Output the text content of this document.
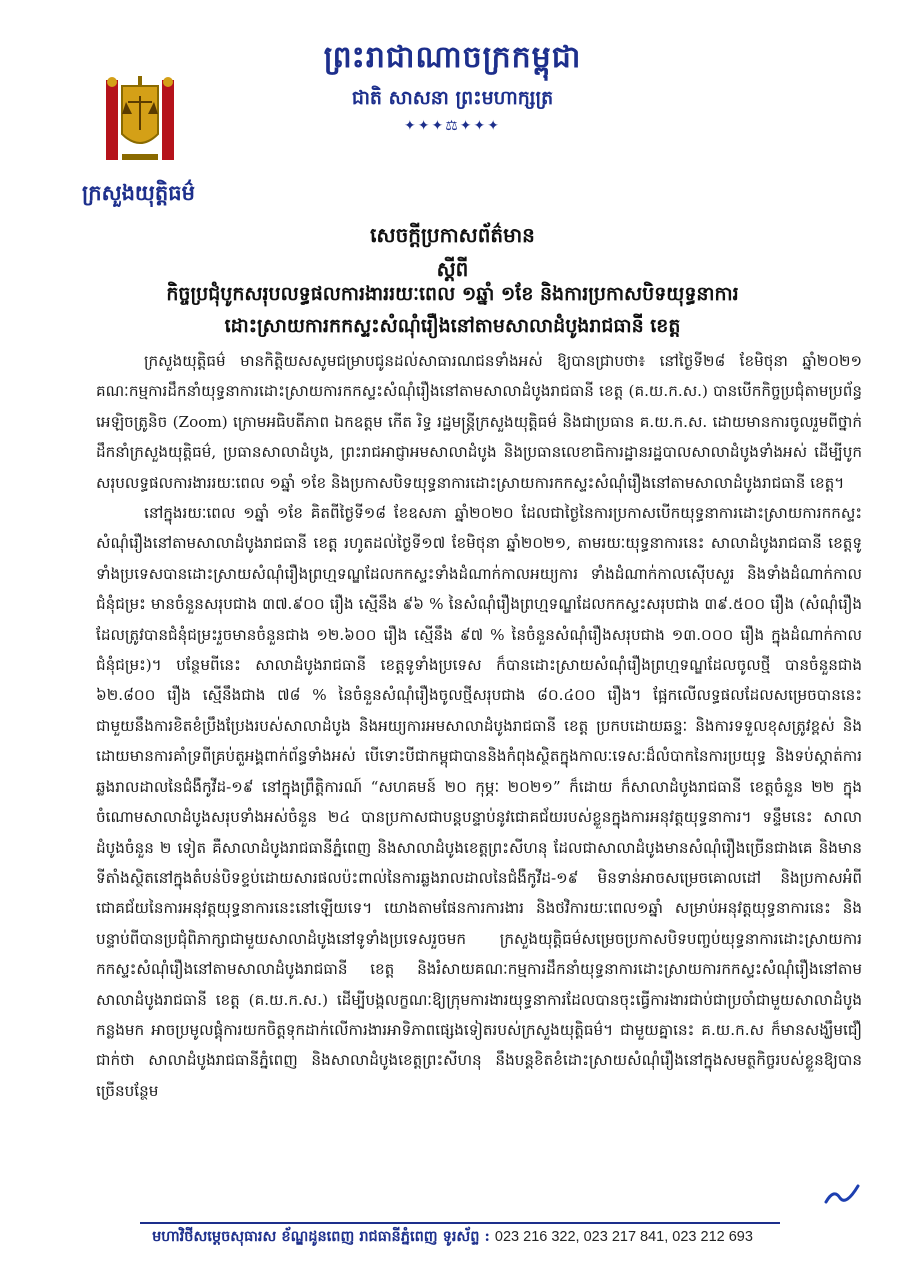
ព្រះរាជាណាចក្រកម្ពុជា
ជាតិ សាសនា ព្រះមហាក្សត្រ
✦✦✦⚖✦✦✦
ក្រសួងយុត្តិធម៌
សេចក្តីប្រកាសព័ត៌មាន
ស្តីពី
កិច្ចប្រជុំបូកសរុបលទ្ធផលការងាររយៈពេល ១ឆ្នាំ ១ខែ និងការប្រកាសបិទយុទ្ធនាការ
ដោះស្រាយការកកស្ទះសំណុំរឿងនៅតាមសាលាដំបូងរាជធានី ខេត្ត

ក្រសួងយុត្តិធម៌ មានកិត្តិយសសូមជម្រាបជូនដល់សាធារណជនទាំងអស់ ឱ្យបានជ្រាបថា៖ នៅថ្ងៃទី២៨ ខែមិថុនា ឆ្នាំ២០២១ គណៈកម្មការដឹកនាំយុទ្ធនាការដោះស្រាយការកកស្ទះសំណុំរឿងនៅតាមសាលាដំបូងរាជធានី ខេត្ត (គ.យ.ក.ស.) បានបើកកិច្ចប្រជុំតាមប្រព័ន្ធអេឡិចត្រូនិច (Zoom) ក្រោមអធិបតីភាព ឯកឧត្តម កើត រិទ្ធ រដ្ឋមន្ត្រីក្រសួងយុត្តិធម៌ និងជាប្រធាន គ.យ.ក.ស. ដោយមានការចូលរួមពីថ្នាក់ដឹកនាំក្រសួងយុត្តិធម៌, ប្រធានសាលាដំបូង, ព្រះរាជអាជ្ញាអមសាលាដំបូង និងប្រធានលេខាធិការដ្ឋានរដ្ឋបាលសាលាដំបូងទាំងអស់ ដើម្បីបូកសរុបលទ្ធផលការងាររយៈពេល ១ឆ្នាំ ១ខែ និងប្រកាសបិទយុទ្ធនាការដោះស្រាយការកកស្ទះសំណុំរឿងនៅតាមសាលាដំបូងរាជធានី ខេត្ត។

នៅក្នុងរយៈពេល ១ឆ្នាំ ១ខែ គិតពីថ្ងៃទី១៨ ខែឧសភា ឆ្នាំ២០២០ ដែលជាថ្ងៃនៃការប្រកាសបើកយុទ្ធនាការដោះស្រាយការកកស្ទះសំណុំរឿងនៅតាមសាលាដំបូងរាជធានី ខេត្ត រហូតដល់ថ្ងៃទី១៧ ខែមិថុនា ឆ្នាំ២០២១, តាមរយៈយុទ្ធនាការនេះ សាលាដំបូងរាជធានី ខេត្តទូទាំងប្រទេសបានដោះស្រាយសំណុំរឿងព្រហ្មទណ្ឌដែលកកស្ទះទាំងដំណាក់កាលអយ្យការ ទាំងដំណាក់កាលស៊ើបសួរ និងទាំងដំណាក់កាលជំនុំជម្រះ មានចំនួនសរុបជាង ៣៧.៩០០ រឿង ស្មើនឹង ៩៦ % នៃសំណុំរឿងព្រហ្មទណ្ឌដែលកកស្ទះសរុបជាង ៣៩.៥០០ រឿង (សំណុំរឿងដែលត្រូវបានជំនុំជម្រះរួចមានចំនួនជាង ១២.៦០០ រឿង ស្មើនឹង ៩៧ % នៃចំនួនសំណុំរឿងសរុបជាង ១៣.០០០ រឿង ក្នុងដំណាក់កាលជំនុំជម្រះ)។ បន្ថែមពីនេះ សាលាដំបូងរាជធានី ខេត្តទូទាំងប្រទេស ក៏បានដោះស្រាយសំណុំរឿងព្រហ្មទណ្ឌដែលចូលថ្មី បានចំនួនជាង ៦២.៨០០ រឿង ស្មើនឹងជាង ៧៨ % នៃចំនួនសំណុំរឿងចូលថ្មីសរុបជាង ៨០.៤០០ រឿង។ ផ្អែកលើលទ្ធផលដែលសម្រេចបាននេះ ជាមួយនឹងការខិតខំប្រឹងប្រែងរបស់សាលាដំបូង និងអយ្យការអមសាលាដំបូងរាជធានី ខេត្ត ប្រកបដោយឆន្ទៈ និងការទទួលខុសត្រូវខ្ពស់ និងដោយមានការគាំទ្រពីគ្រប់តួអង្គពាក់ព័ន្ធទាំងអស់ បើទោះបីជាកម្ពុជាបាននិងកំពុងស្ថិតក្នុងកាលៈទេសៈដ៏លំបាកនៃការប្រយុទ្ធ និងទប់ស្កាត់ការឆ្លងរាលដាលនៃជំងឺកូវីដ-១៩ នៅក្នុងព្រឹត្តិការណ៍ “សហគមន៍ ២០ កុម្ភៈ ២០២១” ក៏ដោយ ក៏សាលាដំបូងរាជធានី ខេត្តចំនួន ២២ ក្នុងចំណោមសាលាដំបូងសរុបទាំងអស់ចំនួន ២៤ បានប្រកាសជាបន្តបន្ទាប់នូវជោគជ័យរបស់ខ្លួនក្នុងការអនុវត្តយុទ្ធនាការ។ ទន្ទឹមនេះ សាលាដំបូងចំនួន ២ ទៀត គឺសាលាដំបូងរាជធានីភ្នំពេញ និងសាលាដំបូងខេត្តព្រះសីហនុ ដែលជាសាលាដំបូងមានសំណុំរឿងច្រើនជាងគេ និងមានទីតាំងស្ថិតនៅក្នុងតំបន់បិទខ្ទប់ដោយសារផលប៉ះពាល់នៃការឆ្លងរាលដាលនៃជំងឺកូវីដ-១៩ មិនទាន់អាចសម្រេចគោលដៅ និងប្រកាសអំពីជោគជ័យនៃការអនុវត្តយុទ្ធនាការនេះនៅឡើយទេ។ យោងតាមផែនការការងារ និងថវិការយៈពេល១ឆ្នាំ សម្រាប់អនុវត្តយុទ្ធនាការនេះ និងបន្ទាប់ពីបានប្រជុំពិភាក្សាជាមួយសាលាដំបូងនៅទូទាំងប្រទេសរួចមក ក្រសួងយុត្តិធម៌សម្រេចប្រកាសបិទបញ្ចប់យុទ្ធនាការដោះស្រាយការកកស្ទះសំណុំរឿងនៅតាមសាលាដំបូងរាជធានី ខេត្ត និងរំសាយគណៈកម្មការដឹកនាំយុទ្ធនាការដោះស្រាយការកកស្ទះសំណុំរឿងនៅតាមសាលាដំបូងរាជធានី ខេត្ត (គ.យ.ក.ស.) ដើម្បីបង្កលក្ខណៈឱ្យក្រុមការងារយុទ្ធនាការដែលបានចុះធ្វើការងារជាប់ជាប្រចាំជាមួយសាលាដំបូងកន្លងមក អាចប្រមូលផ្តុំការយកចិត្តទុកដាក់លើការងារអាទិភាពផ្សេងទៀតរបស់ក្រសួងយុត្តិធម៌។ ជាមួយគ្នានេះ គ.យ.ក.ស ក៏មានសង្ឃឹមជឿជាក់ថា សាលាដំបូងរាជធានីភ្នំពេញ និងសាលាដំបូងខេត្តព្រះសីហនុ នឹងបន្តខិតខំដោះស្រាយសំណុំរឿងនៅក្នុងសមត្ថកិច្ចរបស់ខ្លួនឱ្យបានច្រើនបន្ថែម

មហាវិថីសម្តេចសុធារស ខ័ណ្ឌដូនពេញ រាជធានីភ្នំពេញ ទូរស័ព្ទ : 023 216 322, 023 217 841, 023 212 693
